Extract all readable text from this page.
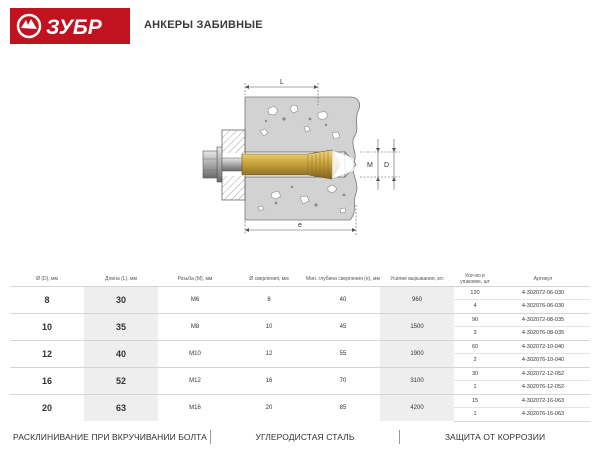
ЗУБР	АНКЕРЫ ЗАБИВНЫЕ
L
e
M D
Ø (D), мм	Длина (L), мм	Резьба (M), мм	Ø сверления, мм	Мин. глубина сверления (e), мм	Усилие вырывания, кгс	Кол-во в упаковке, шт	Артикул
8	30	M6	8	40	960	120	4-302072-06-030
						4	4-302076-06-030
10	35	M8	10	45	1500	90	4-302072-08-035
						3	4-302076-08-035
12	40	M10	12	55	1900	60	4-302072-10-040
						2	4-302076-10-040
16	52	M12	16	70	3100	30	4-302072-12-052
						1	4-302076-12-052
20	63	M16	20	85	4200	15	4-302072-16-063
						1	4-302076-16-063
РАСКЛИНИВАНИЕ ПРИ ВКРУЧИВАНИИ БОЛТА	УГЛЕРОДИСТАЯ СТАЛЬ	ЗАЩИТА ОТ КОРРОЗИИ
